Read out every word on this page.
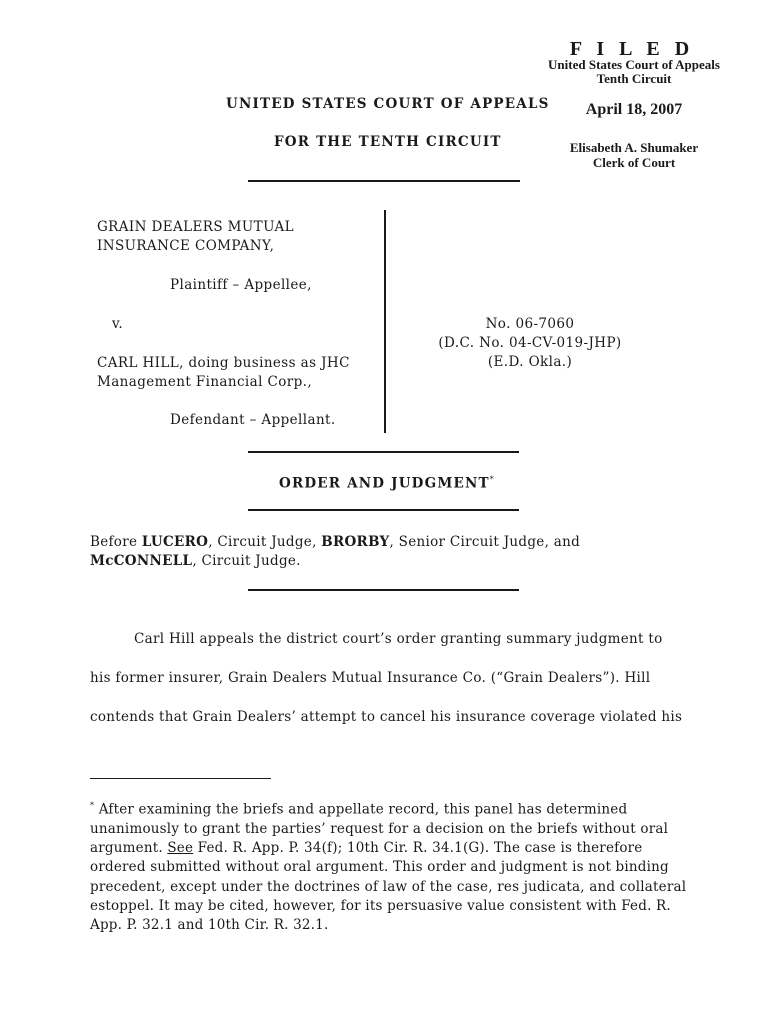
F I L E D
United States Court of Appeals
Tenth Circuit
April 18, 2007
Elisabeth A. Shumaker
Clerk of Court
UNITED STATES COURT OF APPEALS
FOR THE TENTH CIRCUIT
GRAIN DEALERS MUTUAL
INSURANCE COMPANY,
Plaintiff – Appellee,
v.
CARL HILL, doing business as JHC
Management Financial Corp.,
Defendant – Appellant.
No. 06-7060
(D.C. No. 04-CV-019-JHP)
(E.D. Okla.)
ORDER AND JUDGMENT*
Before LUCERO, Circuit Judge, BRORBY, Senior Circuit Judge, and
McCONNELL, Circuit Judge.
Carl Hill appeals the district court’s order granting summary judgment to
his former insurer, Grain Dealers Mutual Insurance Co. (“Grain Dealers”). Hill
contends that Grain Dealers’ attempt to cancel his insurance coverage violated his
* After examining the briefs and appellate record, this panel has determined unanimously to grant the parties’ request for a decision on the briefs without oral argument. See Fed. R. App. P. 34(f); 10th Cir. R. 34.1(G). The case is therefore ordered submitted without oral argument. This order and judgment is not binding precedent, except under the doctrines of law of the case, res judicata, and collateral estoppel. It may be cited, however, for its persuasive value consistent with Fed. R. App. P. 32.1 and 10th Cir. R. 32.1.
